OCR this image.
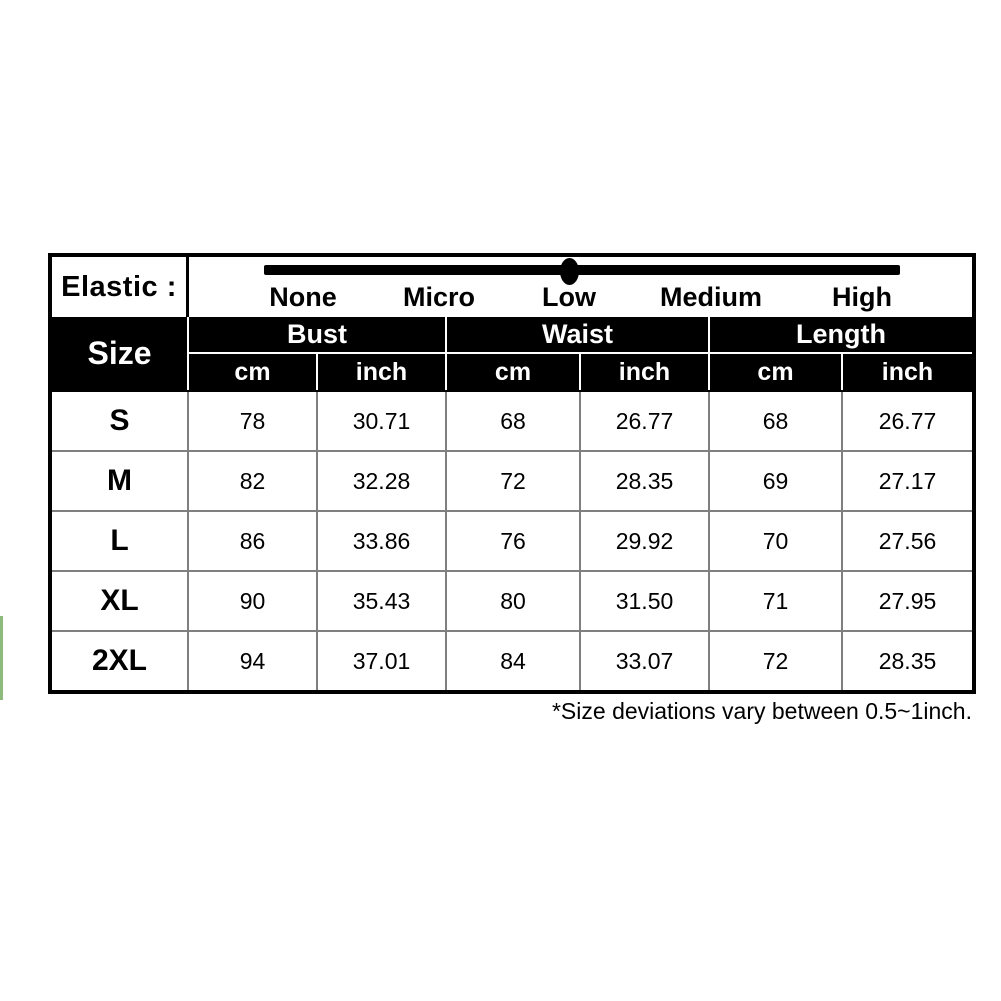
Elastic :	None Micro Low Medium	High
Size
Bust	Waist	Length
cm	inch	cm	inch	cm	inch
S	78	30.71	68	26.77	68	26.77
M	82	32.28	72	28.35	69	27.17
L	86	33.86	76	29.92	70	27.56
XL	90	35.43	80	31.50	71	27.95
2XL	94	37.01	84	33.07	72	28.35
*Size deviations vary between 0.5~1inch.
